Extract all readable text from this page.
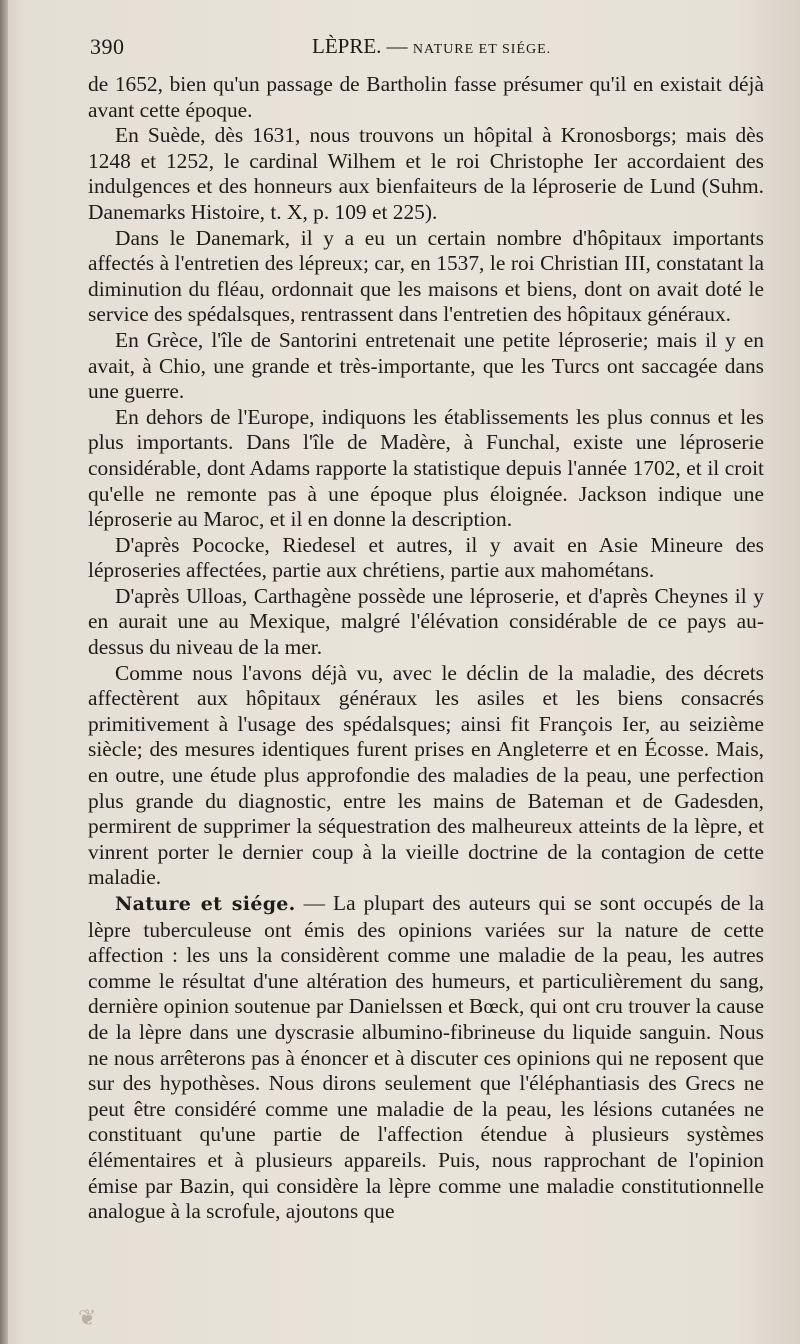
390	LÈPRE. — NATURE ET SIÉGE.

de 1652, bien qu'un passage de Bartholin fasse présumer qu'il en existait déjà avant cette époque.

En Suède, dès 1631, nous trouvons un hôpital à Kronosborgs; mais dès 1248 et 1252, le cardinal Wilhem et le roi Christophe Ier accordaient des indulgences et des honneurs aux bienfaiteurs de la léproserie de Lund (Suhm. Danemarks Histoire, t. X, p. 109 et 225).

Dans le Danemark, il y a eu un certain nombre d'hôpitaux importants affectés à l'entretien des lépreux; car, en 1537, le roi Christian III, constatant la diminution du fléau, ordonnait que les maisons et biens, dont on avait doté le service des spédalsques, rentrassent dans l'entretien des hôpitaux généraux.

En Grèce, l'île de Santorini entretenait une petite léproserie; mais il y en avait, à Chio, une grande et très-importante, que les Turcs ont saccagée dans une guerre.

En dehors de l'Europe, indiquons les établissements les plus connus et les plus importants. Dans l'île de Madère, à Funchal, existe une léproserie considérable, dont Adams rapporte la statistique depuis l'année 1702, et il croit qu'elle ne remonte pas à une époque plus éloignée. Jackson indique une léproserie au Maroc, et il en donne la description.

D'après Pococke, Riedesel et autres, il y avait en Asie Mineure des léproseries affectées, partie aux chrétiens, partie aux mahométans.

D'après Ulloas, Carthagène possède une léproserie, et d'après Cheynes il y en aurait une au Mexique, malgré l'élévation considérable de ce pays au-dessus du niveau de la mer.

Comme nous l'avons déjà vu, avec le déclin de la maladie, des décrets affectèrent aux hôpitaux généraux les asiles et les biens consacrés primitivement à l'usage des spédalsques; ainsi fit François Ier, au seizième siècle; des mesures identiques furent prises en Angleterre et en Écosse. Mais, en outre, une étude plus approfondie des maladies de la peau, une perfection plus grande du diagnostic, entre les mains de Bateman et de Gadesden, permirent de supprimer la séquestration des malheureux atteints de la lèpre, et vinrent porter le dernier coup à la vieille doctrine de la contagion de cette maladie.

Nature et siége. — La plupart des auteurs qui se sont occupés de la lèpre tuberculeuse ont émis des opinions variées sur la nature de cette affection : les uns la considèrent comme une maladie de la peau, les autres comme le résultat d'une altération des humeurs, et particulièrement du sang, dernière opinion soutenue par Danielssen et Bœck, qui ont cru trouver la cause de la lèpre dans une dyscrasie albumino-fibrineuse du liquide sanguin. Nous ne nous arrêterons pas à énoncer et à discuter ces opinions qui ne reposent que sur des hypothèses. Nous dirons seulement que l'éléphantiasis des Grecs ne peut être considéré comme une maladie de la peau, les lésions cutanées ne constituant qu'une partie de l'affection étendue à plusieurs systèmes élémentaires et à plusieurs appareils. Puis, nous rapprochant de l'opinion émise par Bazin, qui considère la lèpre comme une maladie constitutionnelle analogue à la scrofule, ajoutons que

❦
